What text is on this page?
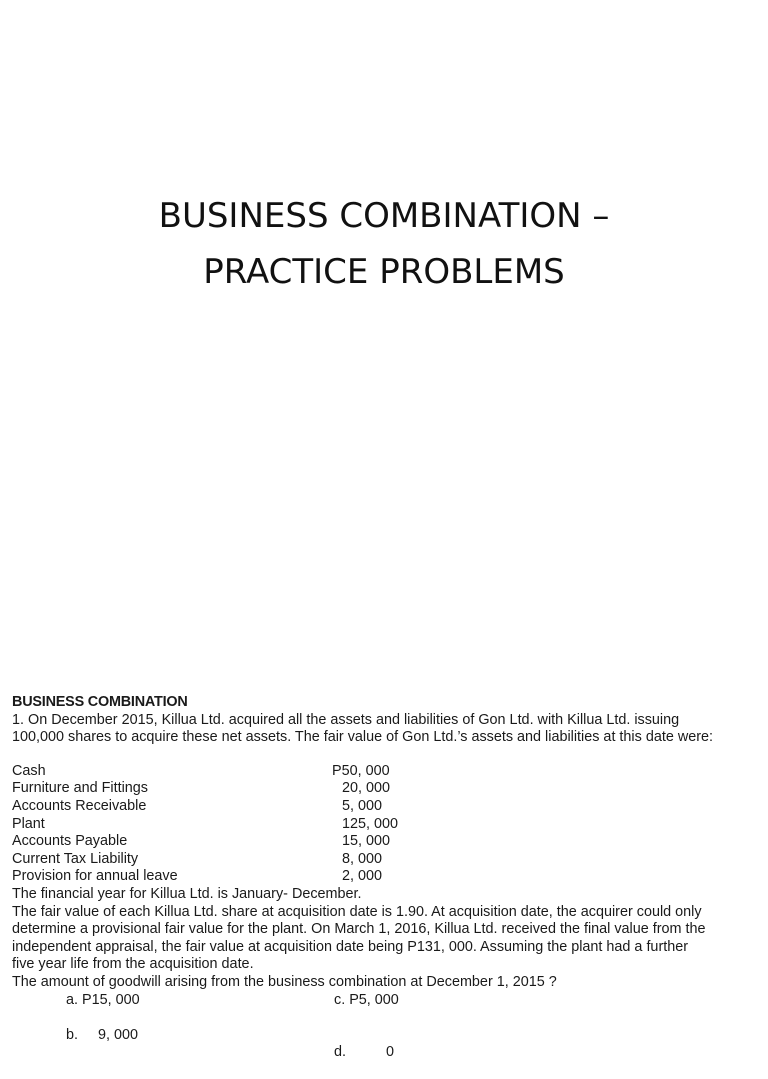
BUSINESS COMBINATION –
PRACTICE PROBLEMS

BUSINESS COMBINATION

1. On December 2015, Killua Ltd. acquired all the assets and liabilities of Gon Ltd. with Killua Ltd. issuing

100,000 shares to acquire these net assets. The fair value of Gon Ltd.’s assets and liabilities at this date were:

Cash	P50, 000
Furniture and Fittings	20, 000
Accounts Receivable	5, 000
Plant	125, 000
Accounts Payable	15, 000
Current Tax Liability	8, 000
Provision for annual leave	2, 000

The financial year for Killua Ltd. is January- December.

The fair value of each Killua Ltd. share at acquisition date is 1.90. At acquisition date, the acquirer could only

determine a provisional fair value for the plant. On March 1, 2016, Killua Ltd. received the final value from the

independent appraisal, the fair value at acquisition date being P131, 000. Assuming the plant had a further

five year life from the acquisition date.

The amount of goodwill arising from the business combination at December 1, 2015 ?

a. P15, 000	c. P5, 000

b.     9, 000

d.          0
